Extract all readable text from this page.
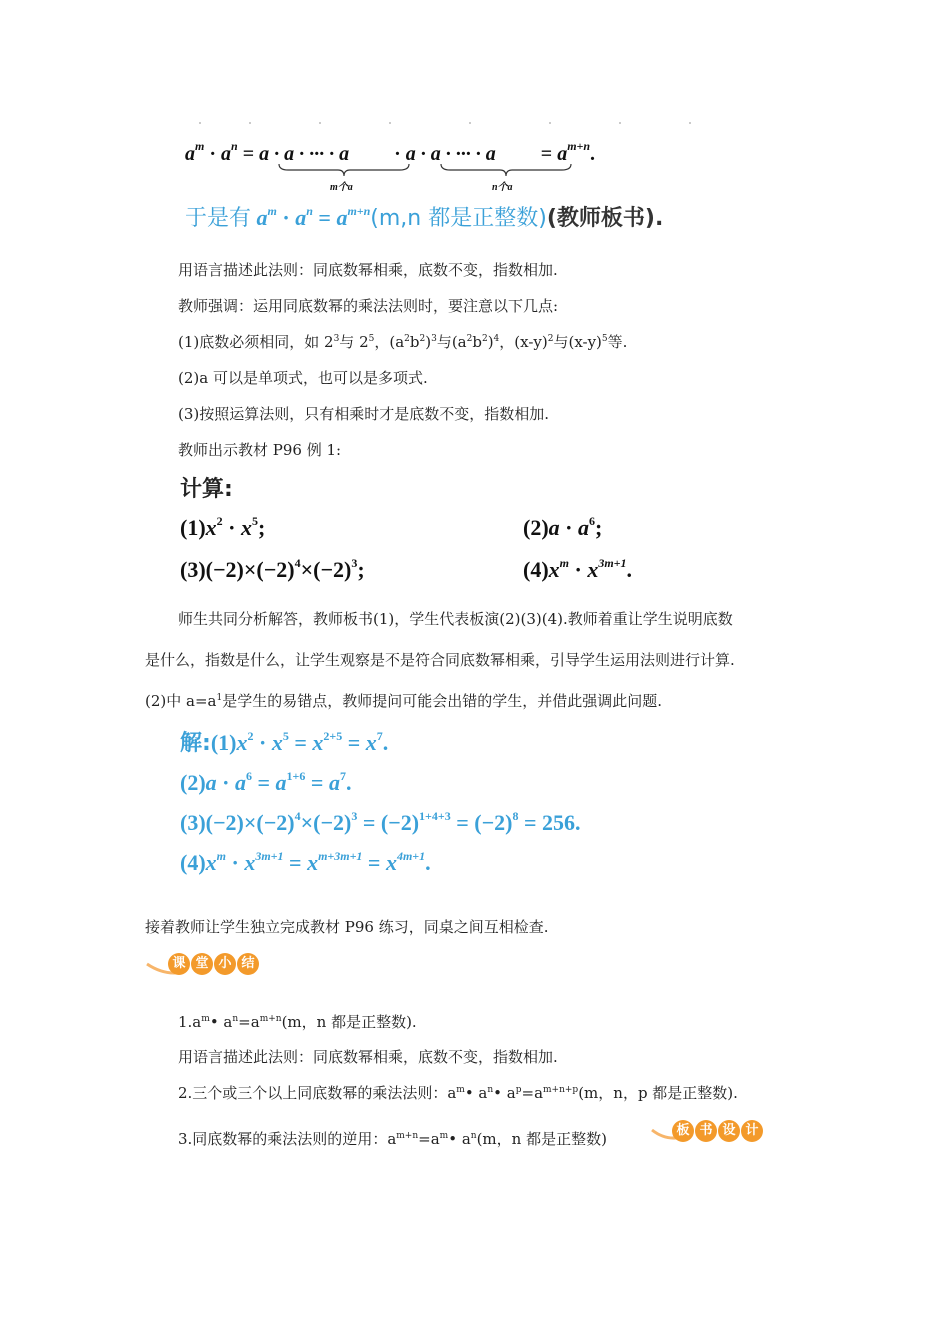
$a^m \cdot a^n = a \cdot a$ · ··· · a · a · a · ··· · $a = a^{m+n}$.
m个a	n个a
于是有 $a^m \cdot a^n = a^{m+n}(m,n$ 都是正整数)(教师板书).
用语言描述此法则：同底数幂相乘，底数不变，指数相加.
教师强调：运用同底数幂的乘法法则时，要注意以下几点:
(1)底数必须相同，如 $2^3$与 $2^5$，$(a^2b^2)^3$与$(a^2b^2)^4$，$(x-y)^2$与$(x-y)^5$等.
(2)a 可以是单项式，也可以是多项式.
(3)按照运算法则，只有相乘时才是底数不变，指数相加.
教师出示教材 P96 例 1:
计算:
$(1)x^2 \cdot x^5$;	$(2)a \cdot a^6$;
$(3)(-2)\times(-2)^4\times(-2)^3$;	$(4)x^m \cdot x^{3m+1}$.
师生共同分析解答，教师板书(1)，学生代表板演(2)(3)(4).教师着重让学生说明底数
是什么，指数是什么，让学生观察是不是符合同底数幂相乘，引导学生运用法则进行计算.
(2)中 $a=a^1$是学生的易错点，教师提问可能会出错的学生，并借此强调此问题.
解$:(1)x^2 \cdot x^5 = x^{2+5} = x^7$.
$(2)a \cdot a^6 = a^{1+6} = a^7$.
$(3)(-2)\times(-2)^4\times(-2)^3 = (-2)^{1+4+3} = (-2)^8 = 256$.
$(4)x^m \cdot x^{3m+1} = x^{m+3m+1} = x^{4m+1}$.
接着教师让学生独立完成教材 P96 练习，同桌之间互相检查.
课 堂 小 结
$1.a^m•$ $a^n=a^{m+n}(m$，n 都是正整数).
用语言描述此法则：同底数幂相乘，底数不变，指数相加.
2.三个或三个以上同底数幂的乘法法则：$a^m•$ $a^n•$ $a^p=a^{m+n+p}(m$，n，p 都是正整数).
3.同底数幂的乘法法则的逆用：$a^{m+n}=a^m•$ $a^n(m$，n 都是正整数)	板 书 设 计
